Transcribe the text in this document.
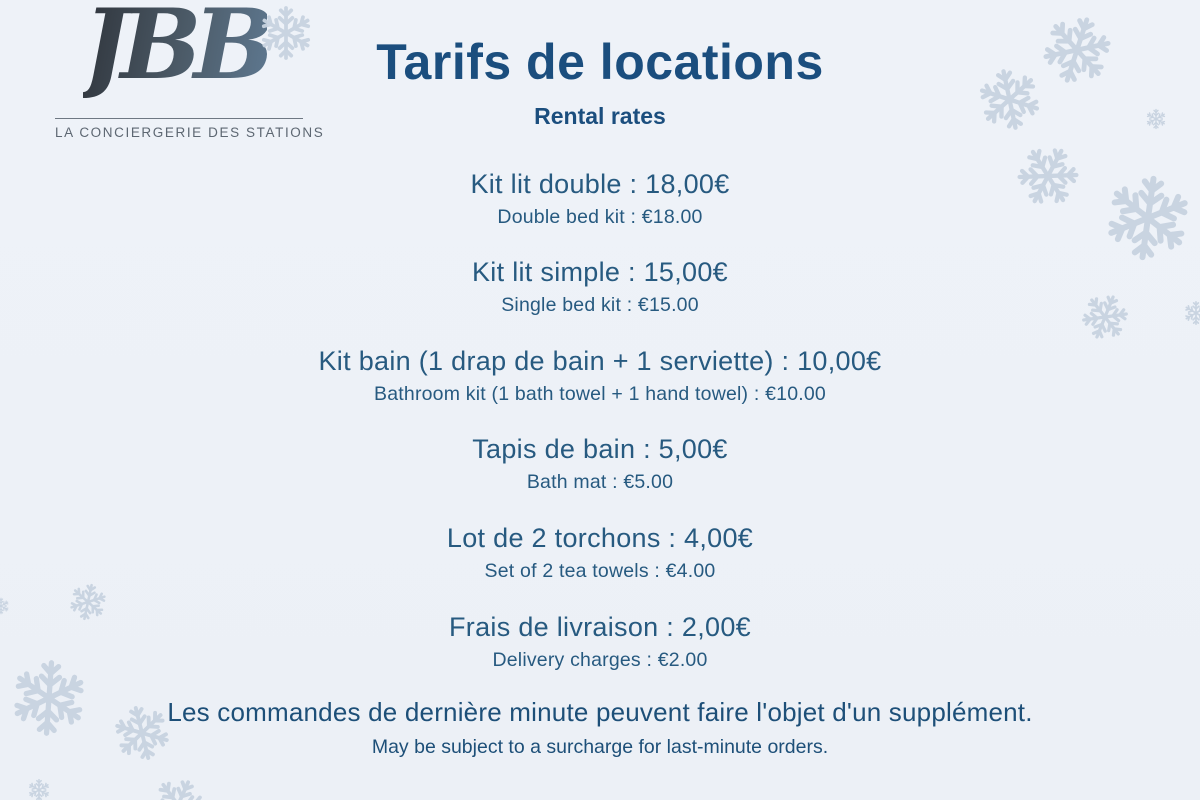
JBB
LA CONCIERGERIE DES STATIONS
Tarifs de locations
Rental rates
Kit lit double : 18,00€
Double bed kit : €18.00
Kit lit simple : 15,00€
Single bed kit : €15.00
Kit bain (1 drap de bain + 1 serviette) : 10,00€
Bathroom kit (1 bath towel + 1 hand towel) : €10.00
Tapis de bain : 5,00€
Bath mat : €5.00
Lot de 2 torchons : 4,00€
Set of 2 tea towels : €4.00
Frais de livraison : 2,00€
Delivery charges : €2.00
Les commandes de dernière minute peuvent faire l'objet d'un supplément.
May be subject to a surcharge for last-minute orders.
